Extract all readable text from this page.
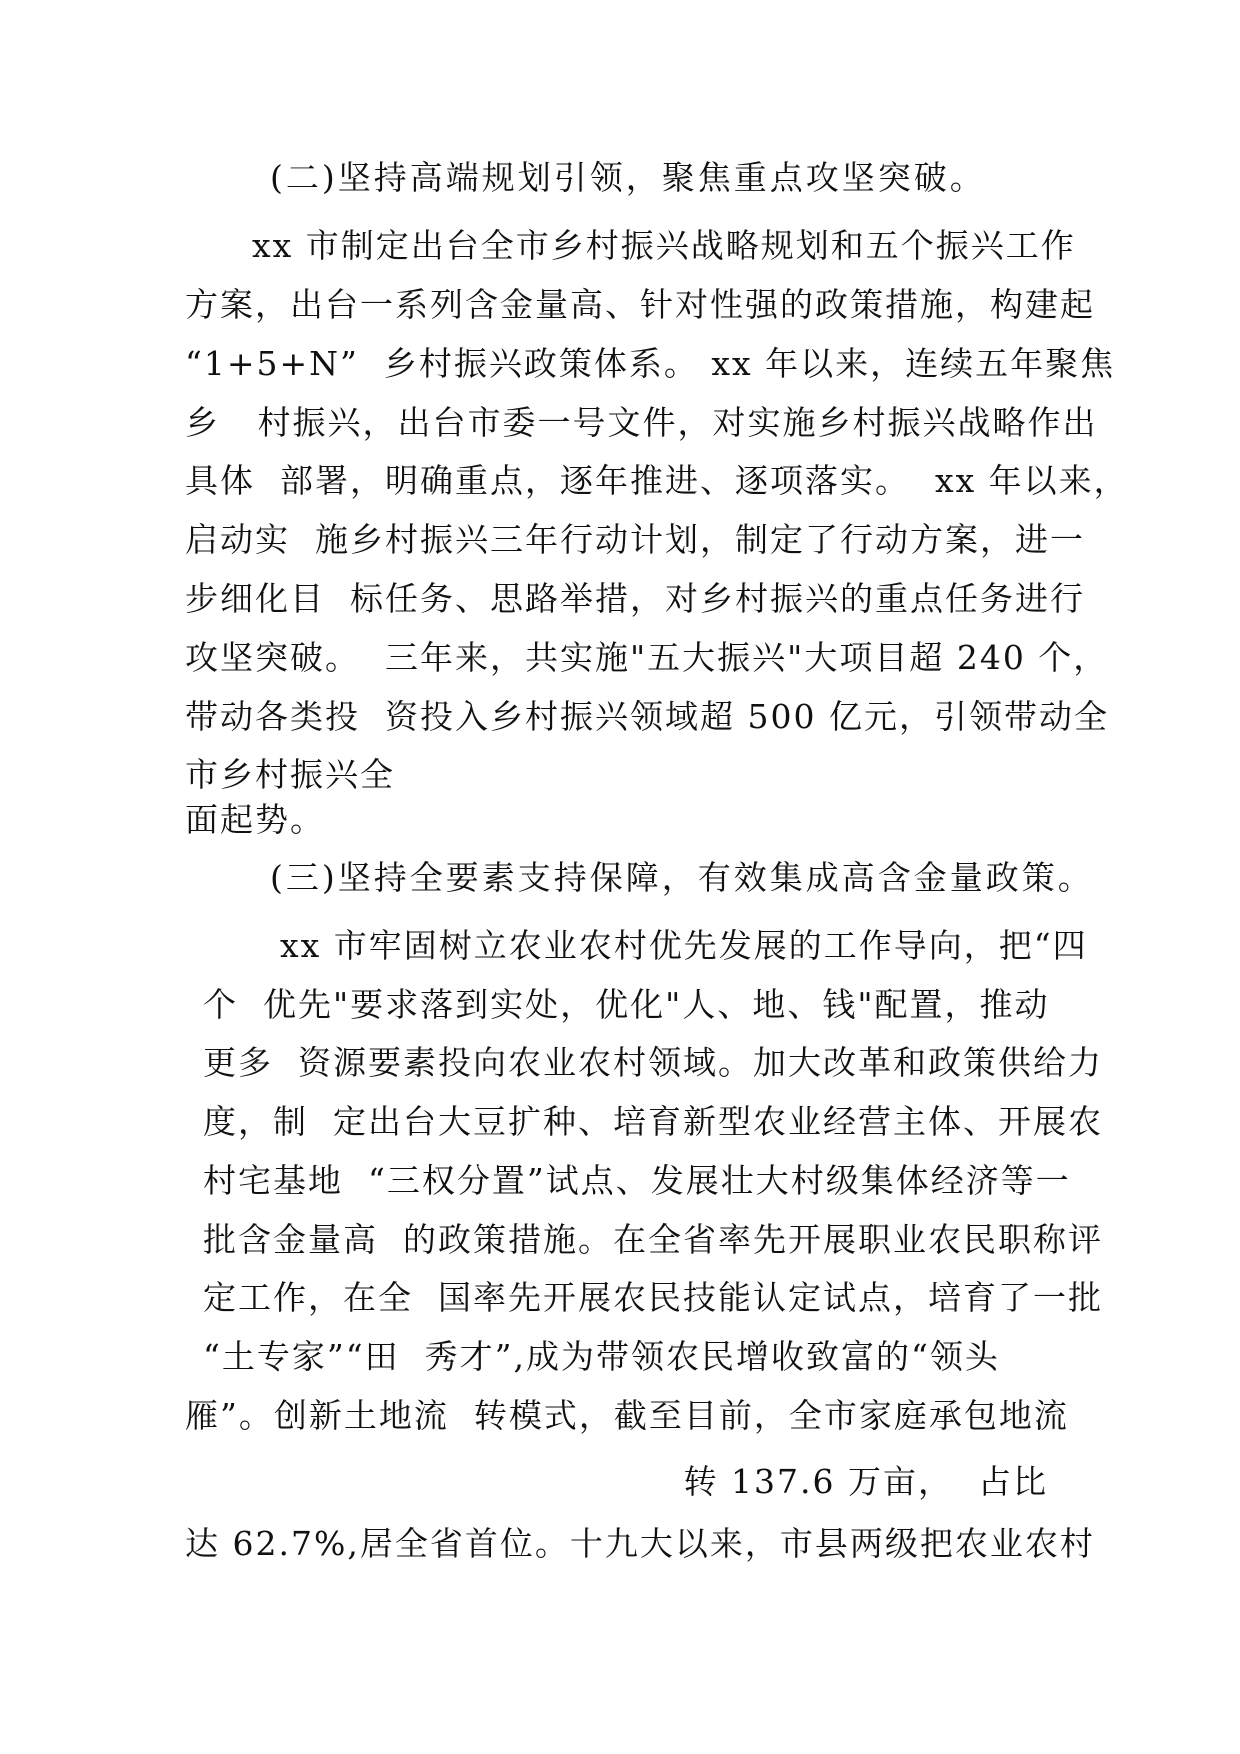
(二)坚持高端规划引领，聚焦重点攻坚突破。
xx 市制定出台全市乡村振兴战略规划和五个振兴工作
方案，出台一系列含金量高、针对性强的政策措施，构建起
“1+5+N”  乡村振兴政策体系。 xx 年以来，连续五年聚焦
乡   村振兴，出台市委一号文件，对实施乡村振兴战略作出
具体  部署，明确重点，逐年推进、逐项落实。  xx 年以来，
启动实  施乡村振兴三年行动计划，制定了行动方案，进一
步细化目  标任务、思路举措，对乡村振兴的重点任务进行
攻坚突破。  三年来，共实施"五大振兴"大项目超 240 个，
带动各类投  资投入乡村振兴领域超 500 亿元，引领带动全
市乡村振兴全
面起势。
(三)坚持全要素支持保障，有效集成高含金量政策。
xx 市牢固树立农业农村优先发展的工作导向，把“四
个  优先"要求落到实处，优化"人、地、钱"配置，推动
更多  资源要素投向农业农村领域。加大改革和政策供给力
度，制  定出台大豆扩种、培育新型农业经营主体、开展农
村宅基地  “三权分置”试点、发展壮大村级集体经济等一
批含金量高  的政策措施。在全省率先开展职业农民职称评
定工作，在全  国率先开展农民技能认定试点，培育了一批
“土专家”“田  秀才”,成为带领农民增收致富的“领头
雁”。创新土地流  转模式，截至目前，全市家庭承包地流
转 137.6 万亩，  占比
达 62.7%,居全省首位。十九大以来，市县两级把农业农村
